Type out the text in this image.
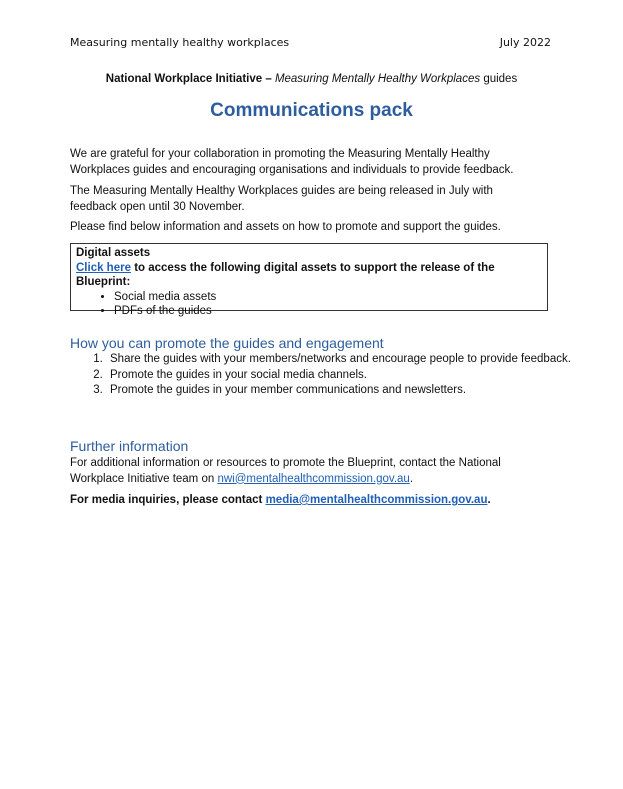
Measuring mentally healthy workplaces	July 2022
National Workplace Initiative – Measuring Mentally Healthy Workplaces guides
Communications pack
We are grateful for your collaboration in promoting the Measuring Mentally Healthy Workplaces guides and encouraging organisations and individuals to provide feedback.
The Measuring Mentally Healthy Workplaces guides are being released in July with feedback open until 30 November.
Please find below information and assets on how to promote and support the guides.
Digital assets
Click here to access the following digital assets to support the release of the Blueprint:
• Social media assets
• PDFs of the guides
How you can promote the guides and engagement
1. Share the guides with your members/networks and encourage people to provide feedback.
2. Promote the guides in your social media channels.
3. Promote the guides in your member communications and newsletters.
Further information
For additional information or resources to promote the Blueprint, contact the National Workplace Initiative team on nwi@mentalhealthcommission.gov.au.
For media inquiries, please contact media@mentalhealthcommission.gov.au.
